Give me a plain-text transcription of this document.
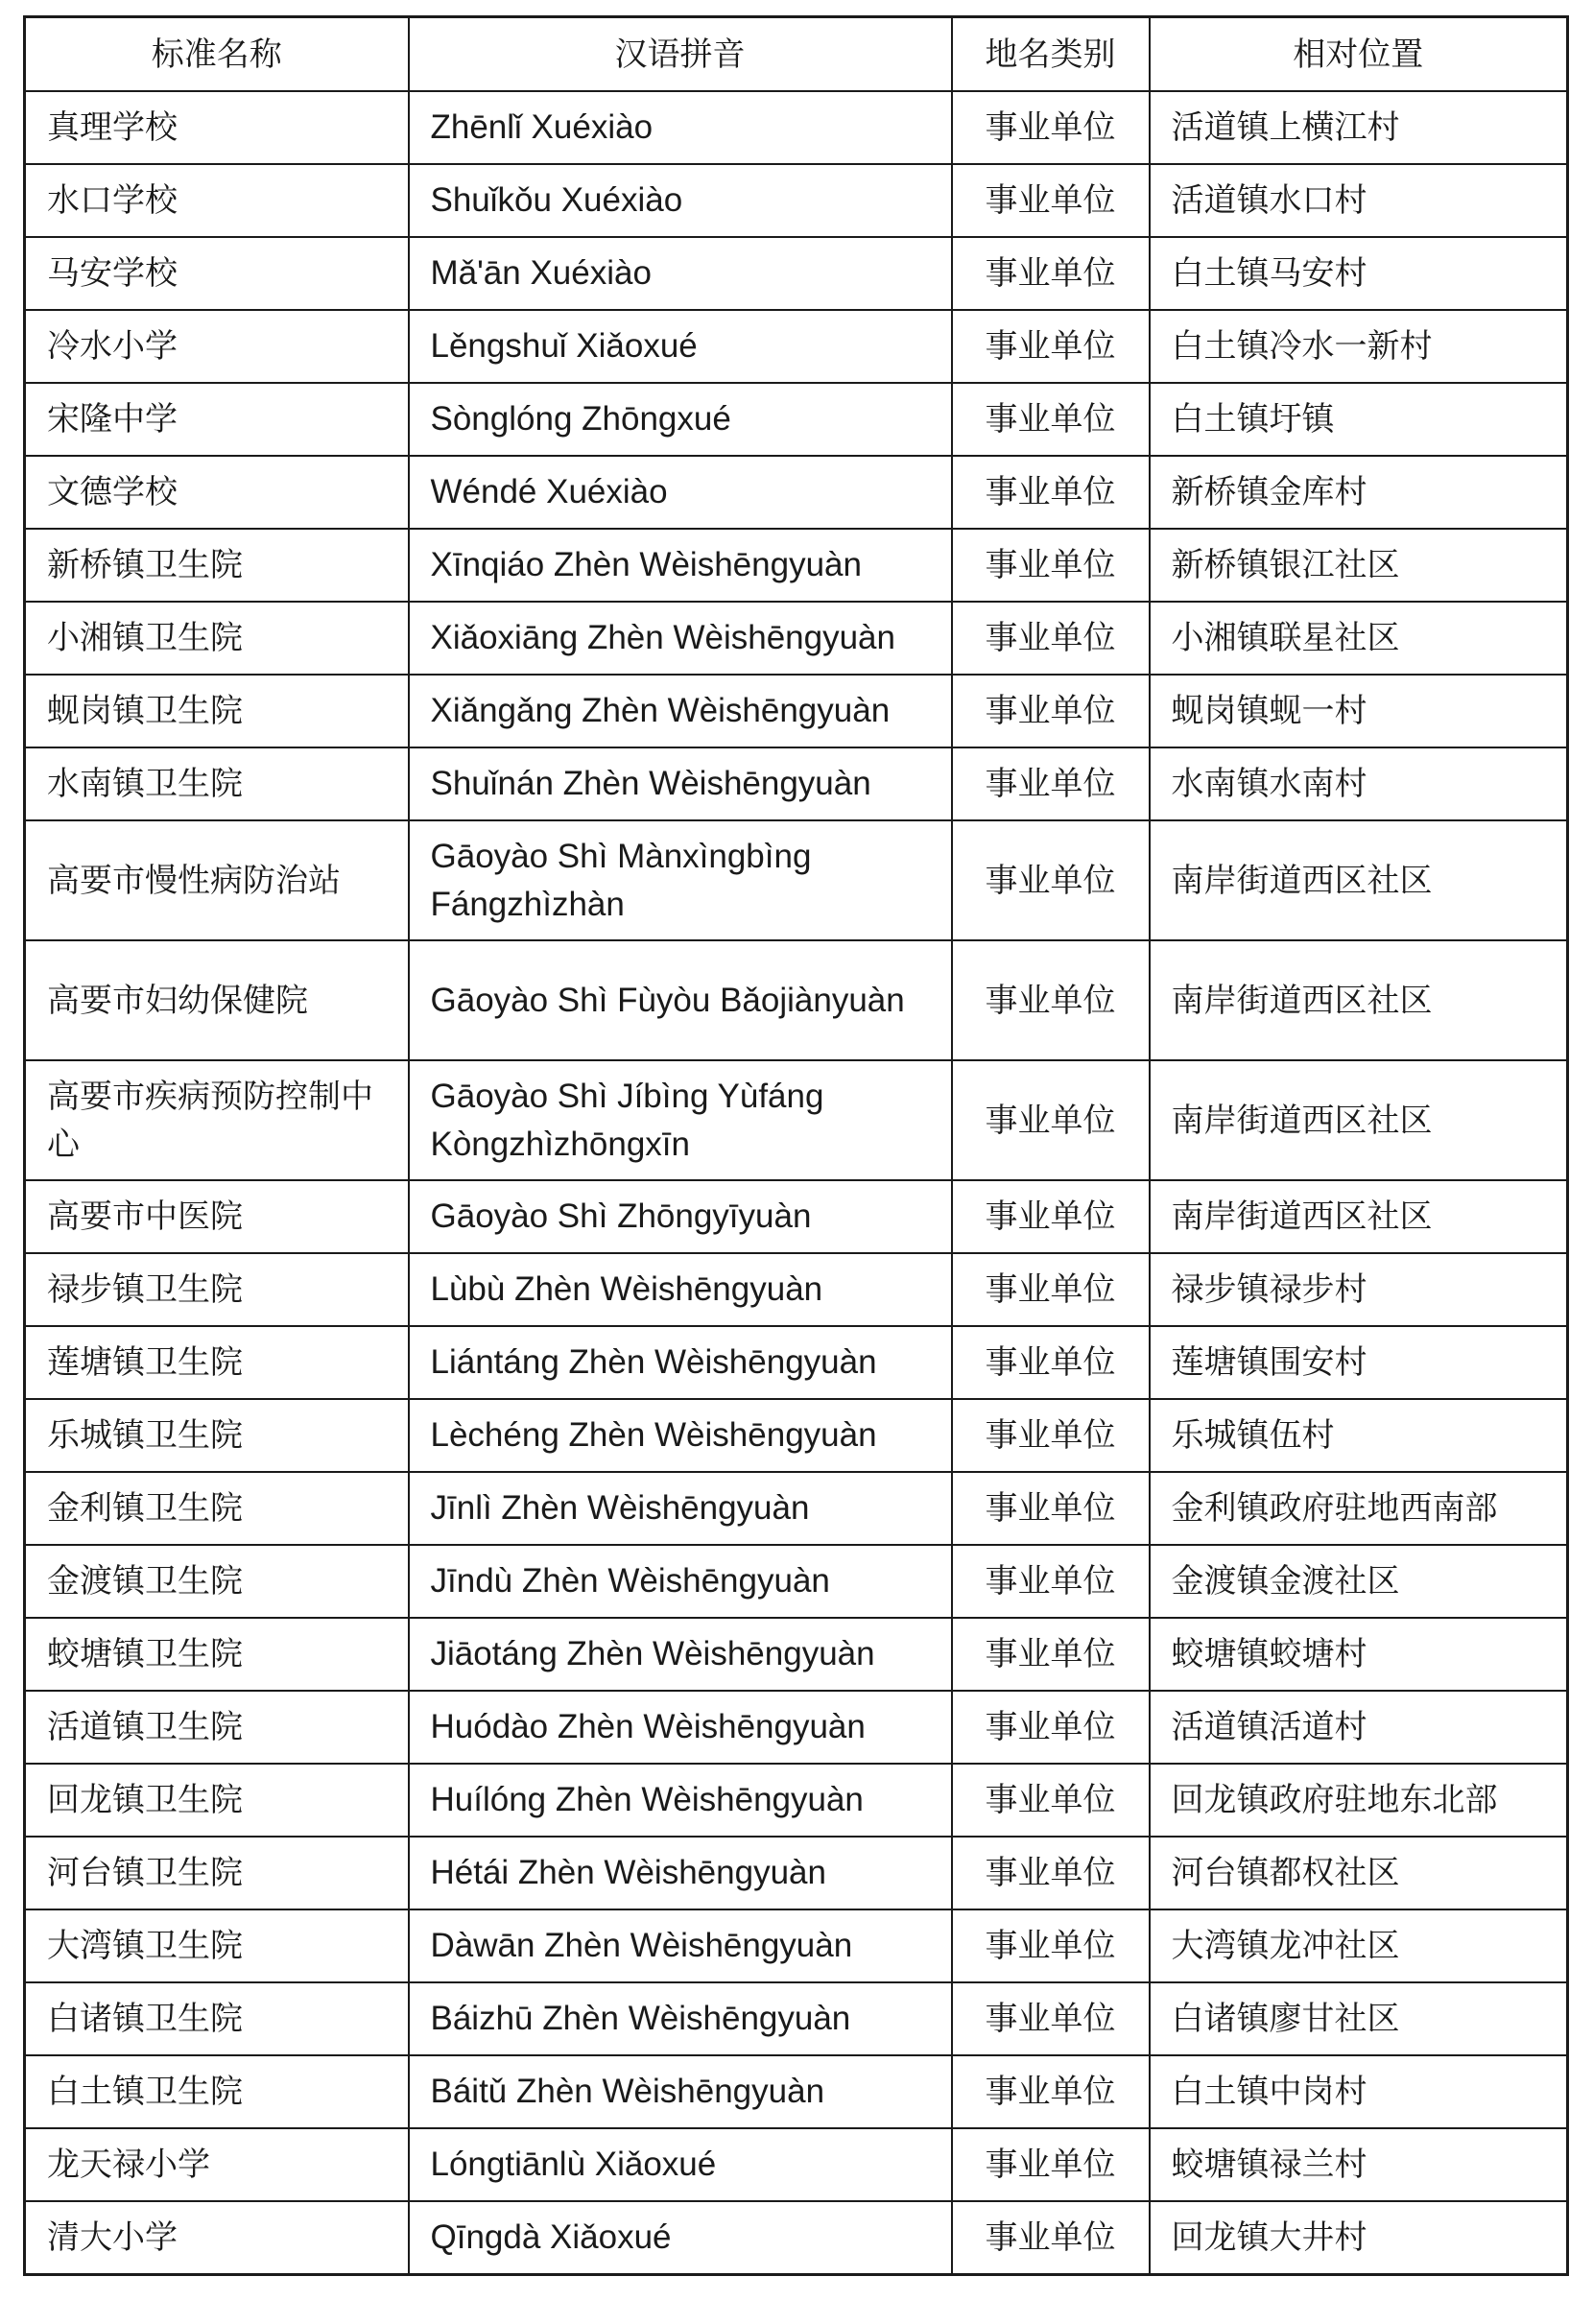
标准名称	汉语拼音	地名类别	相对位置
真理学校	Zhēnlǐ Xuéxiào	事业单位	活道镇上横江村
水口学校	Shuǐkǒu Xuéxiào	事业单位	活道镇水口村
马安学校	Mǎ'ān Xuéxiào	事业单位	白土镇马安村
冷水小学	Lěngshuǐ Xiǎoxué	事业单位	白土镇冷水一新村
宋隆中学	Sònglóng Zhōngxué	事业单位	白土镇圩镇
文德学校	Wéndé Xuéxiào	事业单位	新桥镇金库村
新桥镇卫生院	Xīnqiáo Zhèn Wèishēngyuàn	事业单位	新桥镇银江社区
小湘镇卫生院	Xiǎoxiāng Zhèn Wèishēngyuàn	事业单位	小湘镇联星社区
蚬岗镇卫生院	Xiǎngǎng Zhèn Wèishēngyuàn	事业单位	蚬岗镇蚬一村
水南镇卫生院	Shuǐnán Zhèn Wèishēngyuàn	事业单位	水南镇水南村
高要市慢性病防治站	Gāoyào Shì Mànxìngbìng Fángzhìzhàn	事业单位	南岸街道西区社区
高要市妇幼保健院	Gāoyào Shì Fùyòu Bǎojiànyuàn	事业单位	南岸街道西区社区
高要市疾病预防控制中心	Gāoyào Shì Jíbìng Yùfáng Kòngzhìzhōngxīn	事业单位	南岸街道西区社区
高要市中医院	Gāoyào Shì Zhōngyīyuàn	事业单位	南岸街道西区社区
禄步镇卫生院	Lùbù Zhèn Wèishēngyuàn	事业单位	禄步镇禄步村
莲塘镇卫生院	Liántáng Zhèn Wèishēngyuàn	事业单位	莲塘镇围安村
乐城镇卫生院	Lèchéng Zhèn Wèishēngyuàn	事业单位	乐城镇伍村
金利镇卫生院	Jīnlì Zhèn Wèishēngyuàn	事业单位	金利镇政府驻地西南部
金渡镇卫生院	Jīndù Zhèn Wèishēngyuàn	事业单位	金渡镇金渡社区
蛟塘镇卫生院	Jiāotáng Zhèn Wèishēngyuàn	事业单位	蛟塘镇蛟塘村
活道镇卫生院	Huódào Zhèn Wèishēngyuàn	事业单位	活道镇活道村
回龙镇卫生院	Huílóng Zhèn Wèishēngyuàn	事业单位	回龙镇政府驻地东北部
河台镇卫生院	Hétái Zhèn Wèishēngyuàn	事业单位	河台镇都权社区
大湾镇卫生院	Dàwān Zhèn Wèishēngyuàn	事业单位	大湾镇龙冲社区
白诸镇卫生院	Báizhū Zhèn Wèishēngyuàn	事业单位	白诸镇廖甘社区
白土镇卫生院	Báitǔ Zhèn Wèishēngyuàn	事业单位	白土镇中岗村
龙天禄小学	Lóngtiānlù Xiǎoxué	事业单位	蛟塘镇禄兰村
清大小学	Qīngdà Xiǎoxué	事业单位	回龙镇大井村
